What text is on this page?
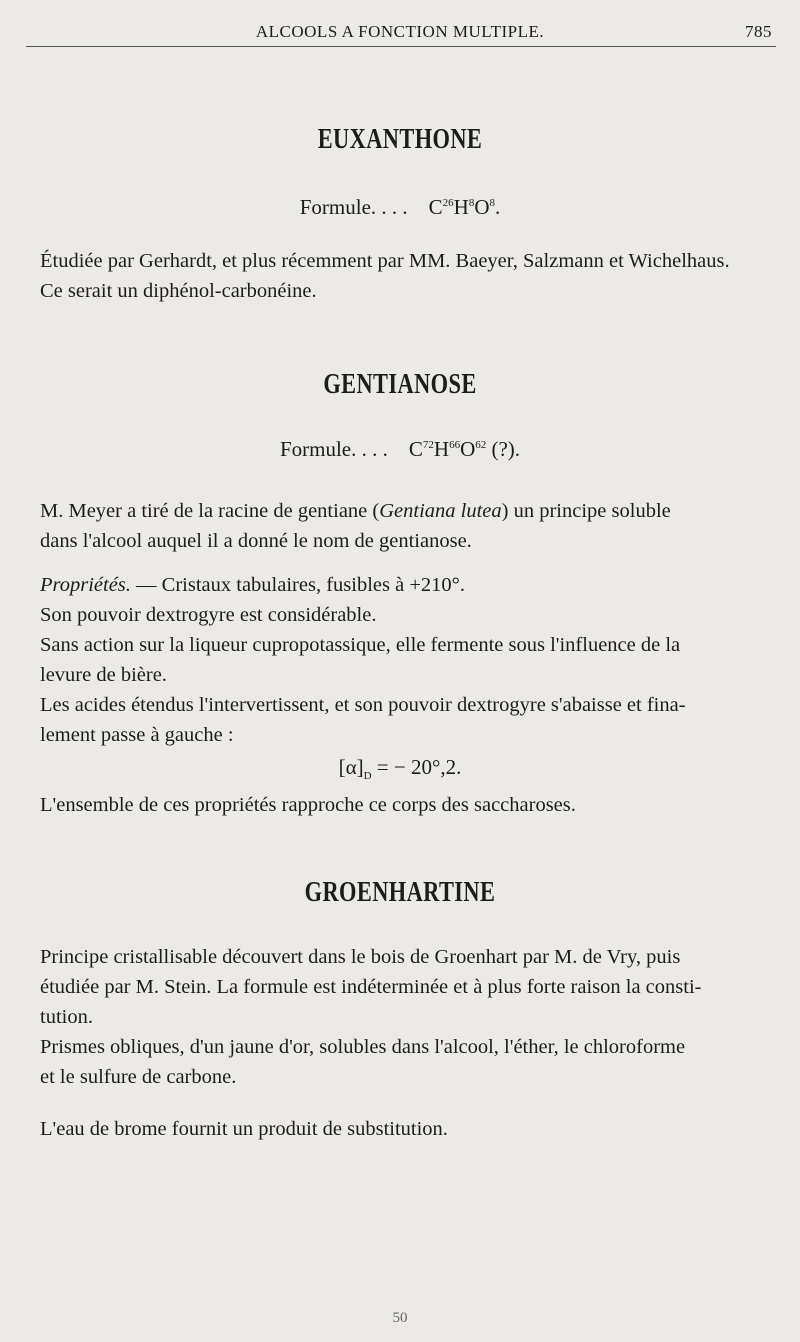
ALCOOLS A FONCTION MULTIPLE.	785
EUXANTHONE
Formule. . . . $C^{26}H^8O^8$.
Étudiée par Gerhardt, et plus récemment par MM. Baeyer, Salzmann et Wichelhaus.
Ce serait un diphénol-carbonéine.
GENTIANOSE
Formule. . . . $C^{72}H^{66}O^{62}$ (?).
M. Meyer a tiré de la racine de gentiane (Gentiana lutea) un principe soluble
dans l'alcool auquel il a donné le nom de gentianose.
Propriétés. — Cristaux tabulaires, fusibles à +210°.
Son pouvoir dextrogyre est considérable.
Sans action sur la liqueur cupropotassique, elle fermente sous l'influence de la
levure de bière.
Les acides étendus l'intervertissent, et son pouvoir dextrogyre s'abaisse et fina-
lement passe à gauche :
$[\alpha]_D$ = − 20°,2.
L'ensemble de ces propriétés rapproche ce corps des saccharoses.
GROENHARTINE
Principe cristallisable découvert dans le bois de Groenhart par M. de Vry, puis
étudiée par M. Stein. La formule est indéterminée et à plus forte raison la consti-
tution.
Prismes obliques, d'un jaune d'or, solubles dans l'alcool, l'éther, le chloroforme
et le sulfure de carbone.
L'eau de brome fournit un produit de substitution.
50
